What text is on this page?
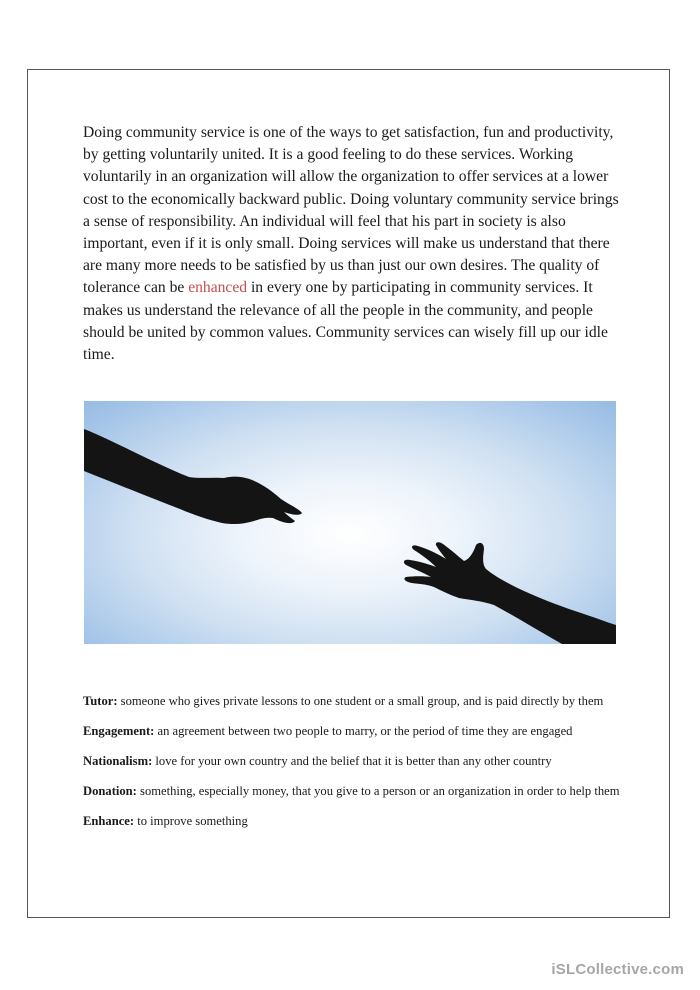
Doing community service is one of the ways to get satisfaction, fun and productivity, by getting voluntarily united. It is a good feeling to do these services. Working voluntarily in an organization will allow the organization to offer services at a lower cost to the economically backward public. Doing voluntary community service brings a sense of responsibility. An individual will feel that his part in society is also important, even if it is only small. Doing services will make us understand that there are many more needs to be satisfied by us than just our own desires. The quality of tolerance can be enhanced in every one by participating in community services. It makes us understand the relevance of all the people in the community, and people should be united by common values. Community services can wisely fill up our idle time.

Tutor: someone who gives private lessons to one student or a small group, and is paid directly by them

Engagement: an agreement between two people to marry, or the period of time they are engaged

Nationalism: love for your own country and the belief that it is better than any other country

Donation: something, especially money, that you give to a person or an organization in order to help them

Enhance: to improve something

iSLCollective.com
